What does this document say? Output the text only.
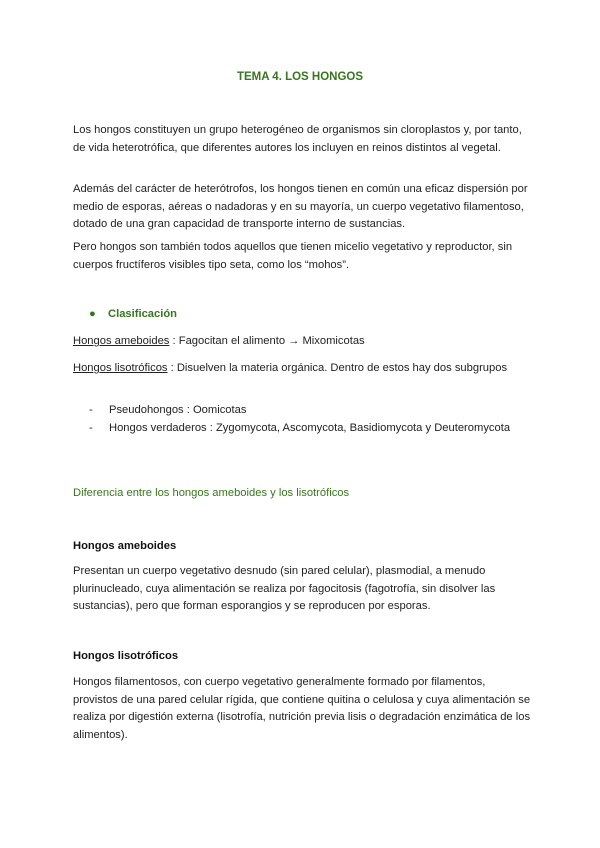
TEMA 4. LOS HONGOS

Los hongos constituyen un grupo heterogéneo de organismos sin cloroplastos y, por tanto, de vida heterotrófica, que diferentes autores los incluyen en reinos distintos al vegetal.

Además del carácter de heterótrofos, los hongos tienen en común una eficaz dispersión por medio de esporas, aéreas o nadadoras y en su mayoría, un cuerpo vegetativo filamentoso, dotado de una gran capacidad de transporte interno de sustancias.

Pero hongos son también todos aquellos que tienen micelio vegetativo y reproductor, sin cuerpos fructíferos visibles tipo seta, como los “mohos”.

● Clasificación

Hongos ameboides : Fagocitan el alimento → Mixomicotas

Hongos lisotróficos : Disuelven la materia orgánica. Dentro de estos hay dos subgrupos

- Pseudohongos : Oomicotas
- Hongos verdaderos : Zygomycota, Ascomycota, Basidiomycota y Deuteromycota
Diferencia entre los hongos ameboides y los lisotróficos
Hongos ameboides

Presentan un cuerpo vegetativo desnudo (sin pared celular), plasmodial, a menudo plurinucleado, cuya alimentación se realiza por fagocitosis (fagotrofía, sin disolver las sustancias), pero que forman esporangios y se reproducen por esporas.

Hongos lisotróficos

Hongos filamentosos, con cuerpo vegetativo generalmente formado por filamentos, provistos de una pared celular rígida, que contiene quitina o celulosa y cuya alimentación se realiza por digestión externa (lisotrofía, nutrición previa lisis o degradación enzimática de los alimentos).
